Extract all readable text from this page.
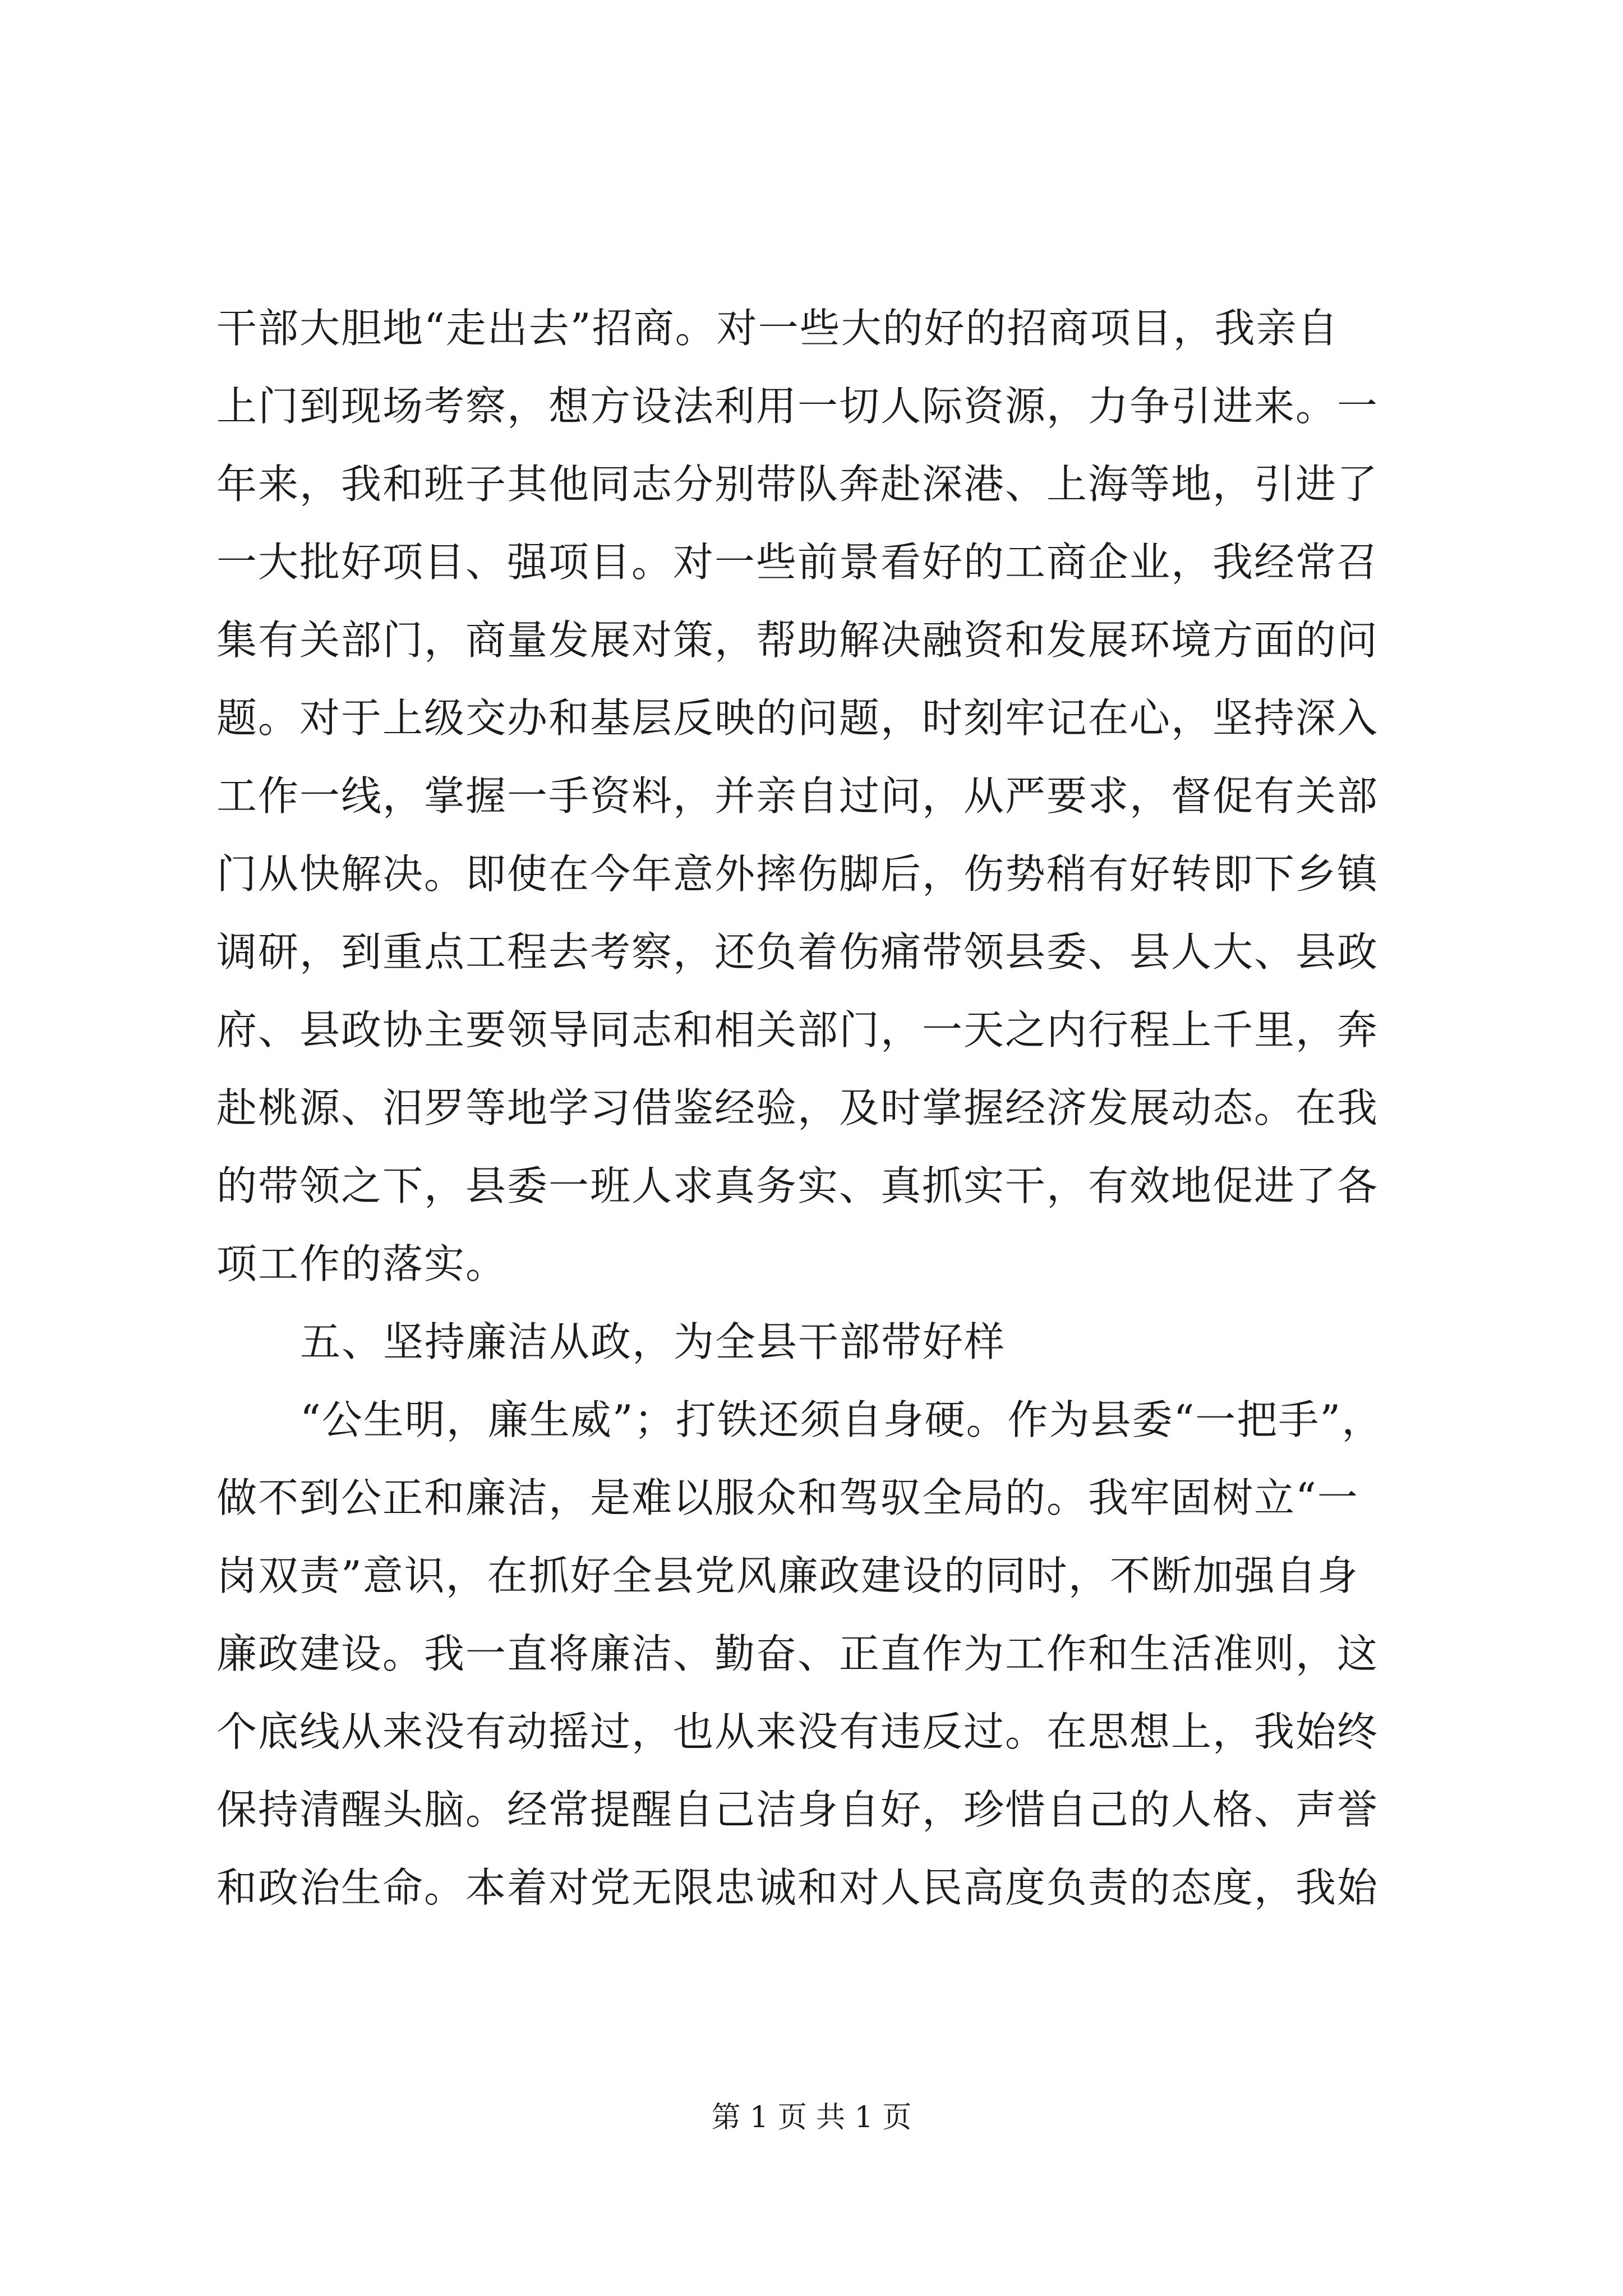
干部大胆地“走出去”招商。对一些大的好的招商项目，我亲自
上门到现场考察，想方设法利用一切人际资源，力争引进来。一
年来，我和班子其他同志分别带队奔赴深港、上海等地，引进了
一大批好项目、强项目。对一些前景看好的工商企业，我经常召
集有关部门，商量发展对策，帮助解决融资和发展环境方面的问
题。对于上级交办和基层反映的问题，时刻牢记在心，坚持深入
工作一线，掌握一手资料，并亲自过问，从严要求，督促有关部
门从快解决。即使在今年意外摔伤脚后，伤势稍有好转即下乡镇
调研，到重点工程去考察，还负着伤痛带领县委、县人大、县政
府、县政协主要领导同志和相关部门，一天之内行程上千里，奔
赴桃源、汨罗等地学习借鉴经验，及时掌握经济发展动态。在我
的带领之下，县委一班人求真务实、真抓实干，有效地促进了各
项工作的落实。
五、坚持廉洁从政，为全县干部带好样
“公生明，廉生威”；打铁还须自身硬。作为县委“一把手”，
做不到公正和廉洁，是难以服众和驾驭全局的。我牢固树立“一
岗双责”意识，在抓好全县党风廉政建设的同时，不断加强自身
廉政建设。我一直将廉洁、勤奋、正直作为工作和生活准则，这
个底线从来没有动摇过，也从来没有违反过。在思想上，我始终
保持清醒头脑。经常提醒自己洁身自好，珍惜自己的人格、声誉
和政治生命。本着对党无限忠诚和对人民高度负责的态度，我始
第 1 页 共 1 页
